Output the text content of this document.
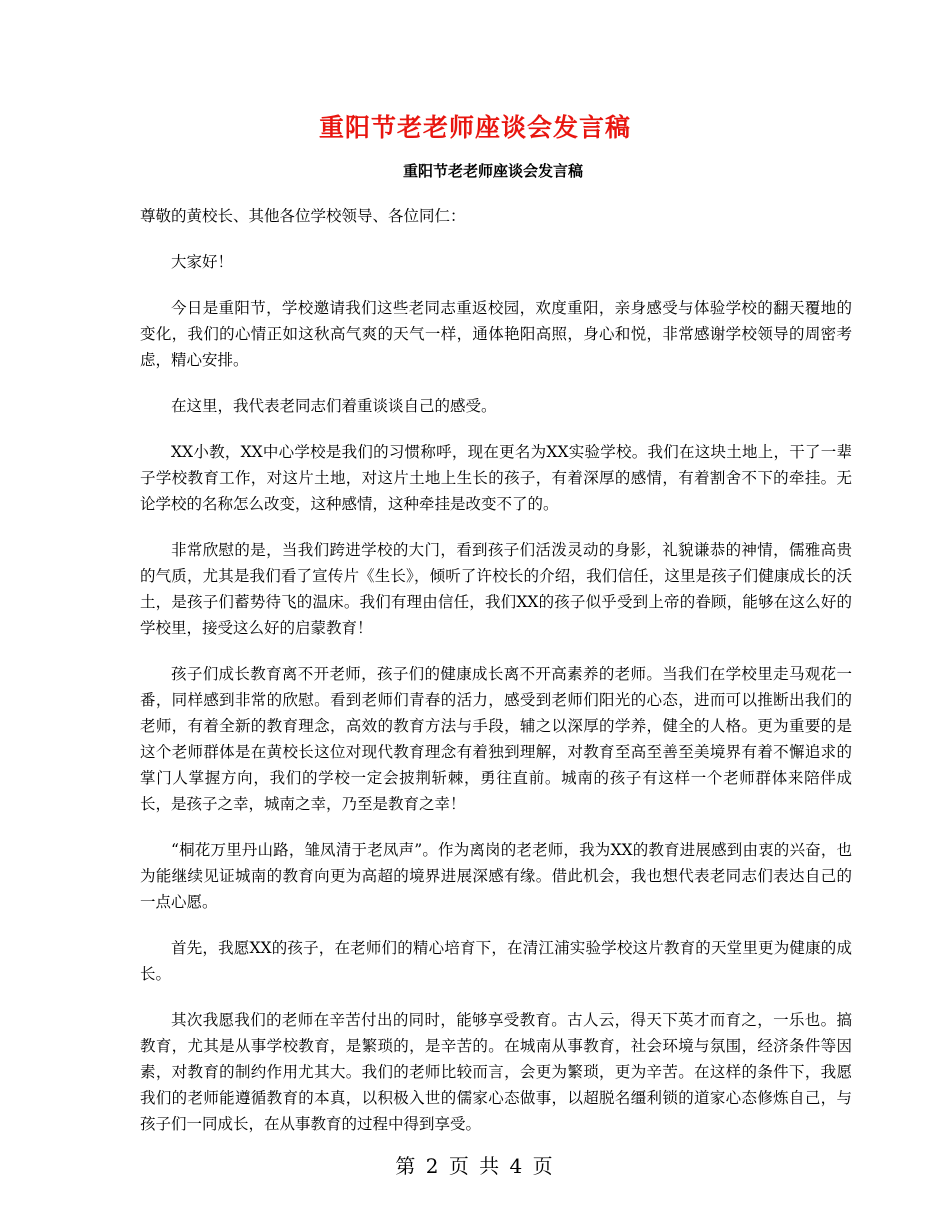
重阳节老老师座谈会发言稿
重阳节老老师座谈会发言稿

尊敬的黄校长、其他各位学校领导、各位同仁：

大家好！

今日是重阳节，学校邀请我们这些老同志重返校园，欢度重阳，亲身感受与体验学校的翻天覆地的变化，我们的心情正如这秋高气爽的天气一样，通体艳阳高照，身心和悦，非常感谢学校领导的周密考虑，精心安排。

在这里，我代表老同志们着重谈谈自己的感受。

XX小教，XX中心学校是我们的习惯称呼，现在更名为XX实验学校。我们在这块土地上，干了一辈子学校教育工作，对这片土地，对这片土地上生长的孩子，有着深厚的感情，有着割舍不下的牵挂。无论学校的名称怎么改变，这种感情，这种牵挂是改变不了的。

非常欣慰的是，当我们跨进学校的大门，看到孩子们活泼灵动的身影，礼貌谦恭的神情，儒雅高贵的气质，尤其是我们看了宣传片《生长》，倾听了许校长的介绍，我们信任，这里是孩子们健康成长的沃土，是孩子们蓄势待飞的温床。我们有理由信任，我们XX的孩子似乎受到上帝的眷顾，能够在这么好的学校里，接受这么好的启蒙教育！

孩子们成长教育离不开老师，孩子们的健康成长离不开高素养的老师。当我们在学校里走马观花一番，同样感到非常的欣慰。看到老师们青春的活力，感受到老师们阳光的心态，进而可以推断出我们的老师，有着全新的教育理念，高效的教育方法与手段，辅之以深厚的学养，健全的人格。更为重要的是这个老师群体是在黄校长这位对现代教育理念有着独到理解，对教育至高至善至美境界有着不懈追求的掌门人掌握方向，我们的学校一定会披荆斩棘，勇往直前。城南的孩子有这样一个老师群体来陪伴成长，是孩子之幸，城南之幸，乃至是教育之幸！

“桐花万里丹山路，雏凤清于老凤声”。作为离岗的老老师，我为XX的教育进展感到由衷的兴奋，也为能继续见证城南的教育向更为高超的境界进展深感有缘。借此机会，我也想代表老同志们表达自己的一点心愿。

首先，我愿XX的孩子，在老师们的精心培育下，在清江浦实验学校这片教育的天堂里更为健康的成长。

其次我愿我们的老师在辛苦付出的同时，能够享受教育。古人云，得天下英才而育之，一乐也。搞教育，尤其是从事学校教育，是繁琐的，是辛苦的。在城南从事教育，社会环境与氛围，经济条件等因素，对教育的制约作用尤其大。我们的老师比较而言，会更为繁琐，更为辛苦。在这样的条件下，我愿我们的老师能遵循教育的本真，以积极入世的儒家心态做事，以超脱名缰利锁的道家心态修炼自己，与孩子们一同成长，在从事教育的过程中得到享受。

第 2 页 共 4 页
